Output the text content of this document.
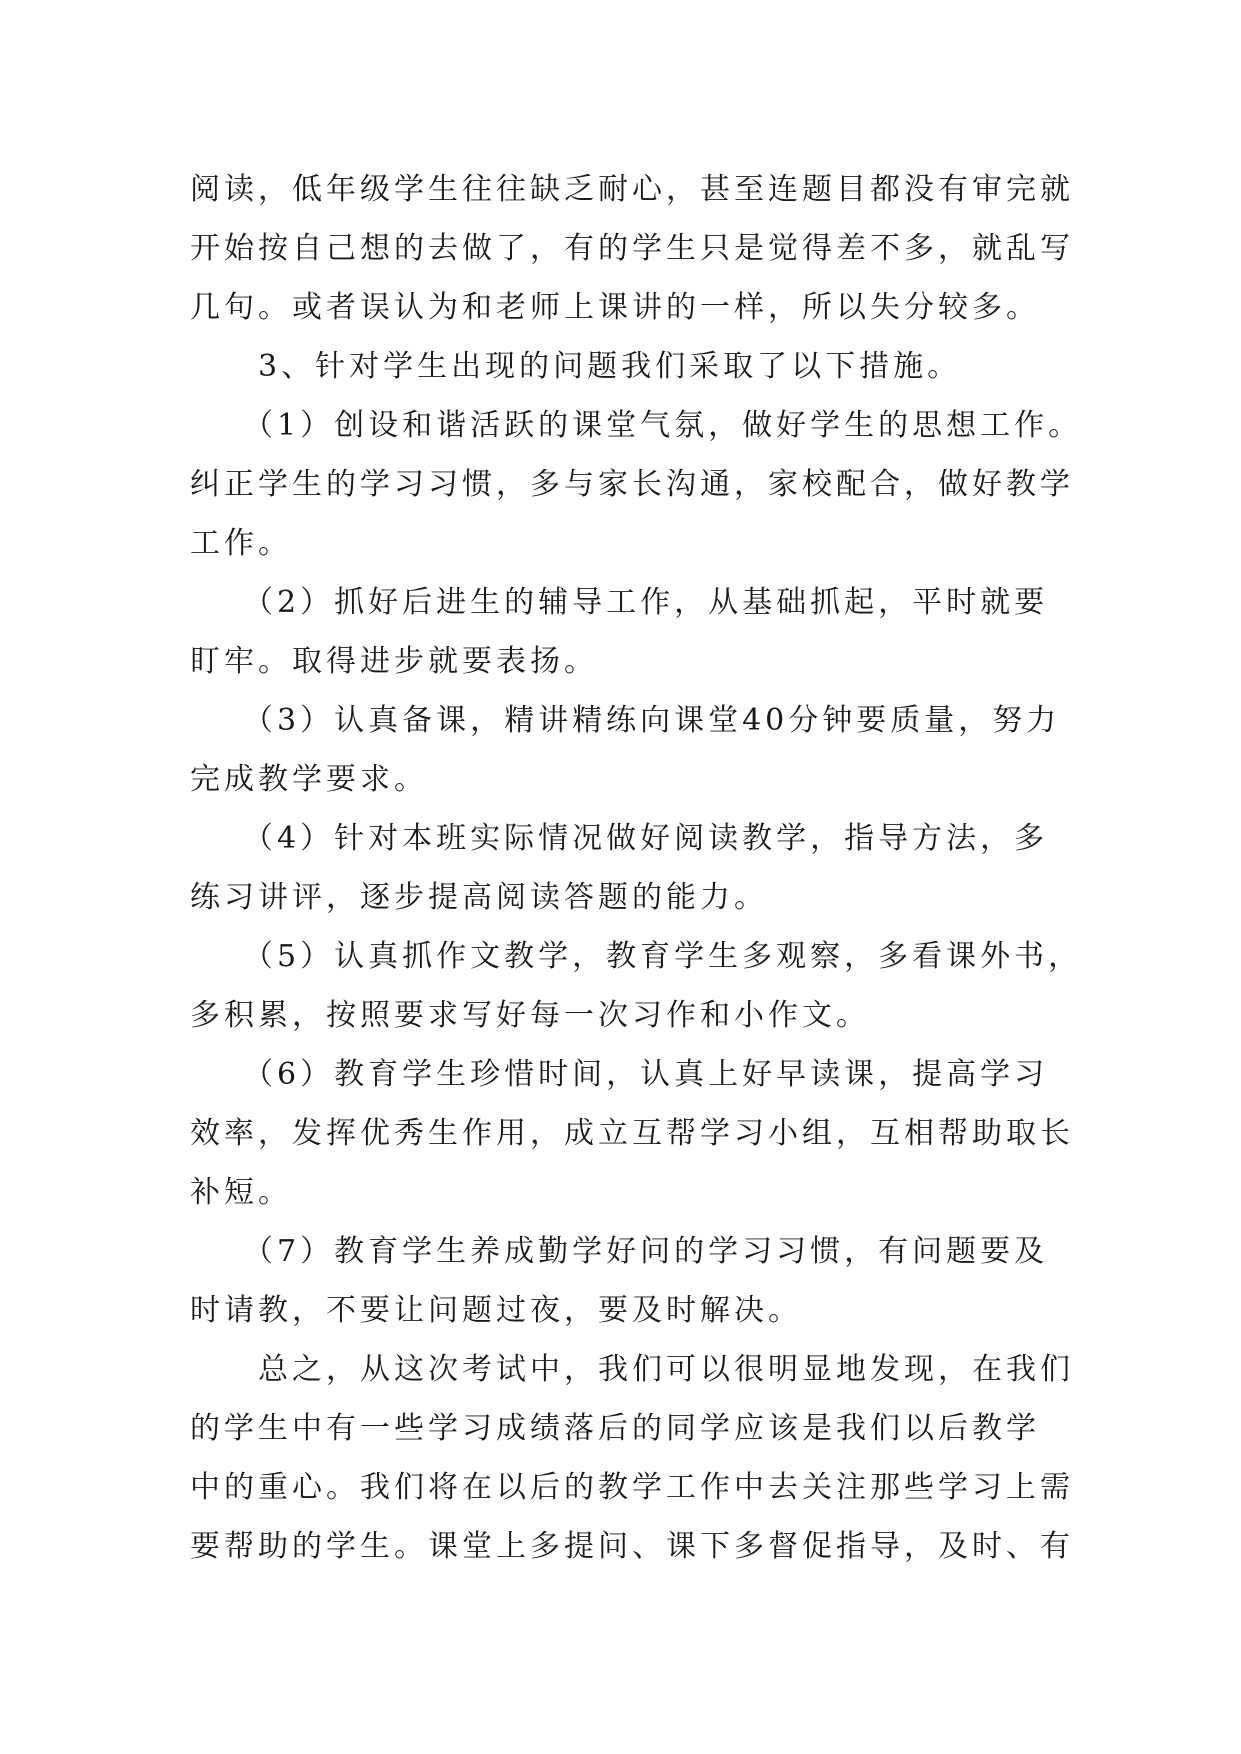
阅读，低年级学生往往缺乏耐心，甚至连题目都没有审完就
开始按自己想的去做了，有的学生只是觉得差不多，就乱写
几句。或者误认为和老师上课讲的一样，所以失分较多。
　　3、针对学生出现的问题我们采取了以下措施。
　　（1）创设和谐活跃的课堂气氛，做好学生的思想工作。
纠正学生的学习习惯，多与家长沟通，家校配合，做好教学
工作。
　　（2）抓好后进生的辅导工作，从基础抓起，平时就要
盯牢。取得进步就要表扬。
　　（3）认真备课，精讲精练向课堂40分钟要质量，努力
完成教学要求。
　　（4）针对本班实际情况做好阅读教学，指导方法，多
练习讲评，逐步提高阅读答题的能力。
　　（5）认真抓作文教学，教育学生多观察，多看课外书，
多积累，按照要求写好每一次习作和小作文。
　　（6）教育学生珍惜时间，认真上好早读课，提高学习
效率，发挥优秀生作用，成立互帮学习小组，互相帮助取长
补短。
　　（7）教育学生养成勤学好问的学习习惯，有问题要及
时请教，不要让问题过夜，要及时解决。
　　总之，从这次考试中，我们可以很明显地发现，在我们
的学生中有一些学习成绩落后的同学应该是我们以后教学
中的重心。我们将在以后的教学工作中去关注那些学习上需
要帮助的学生。课堂上多提问、课下多督促指导，及时、有
